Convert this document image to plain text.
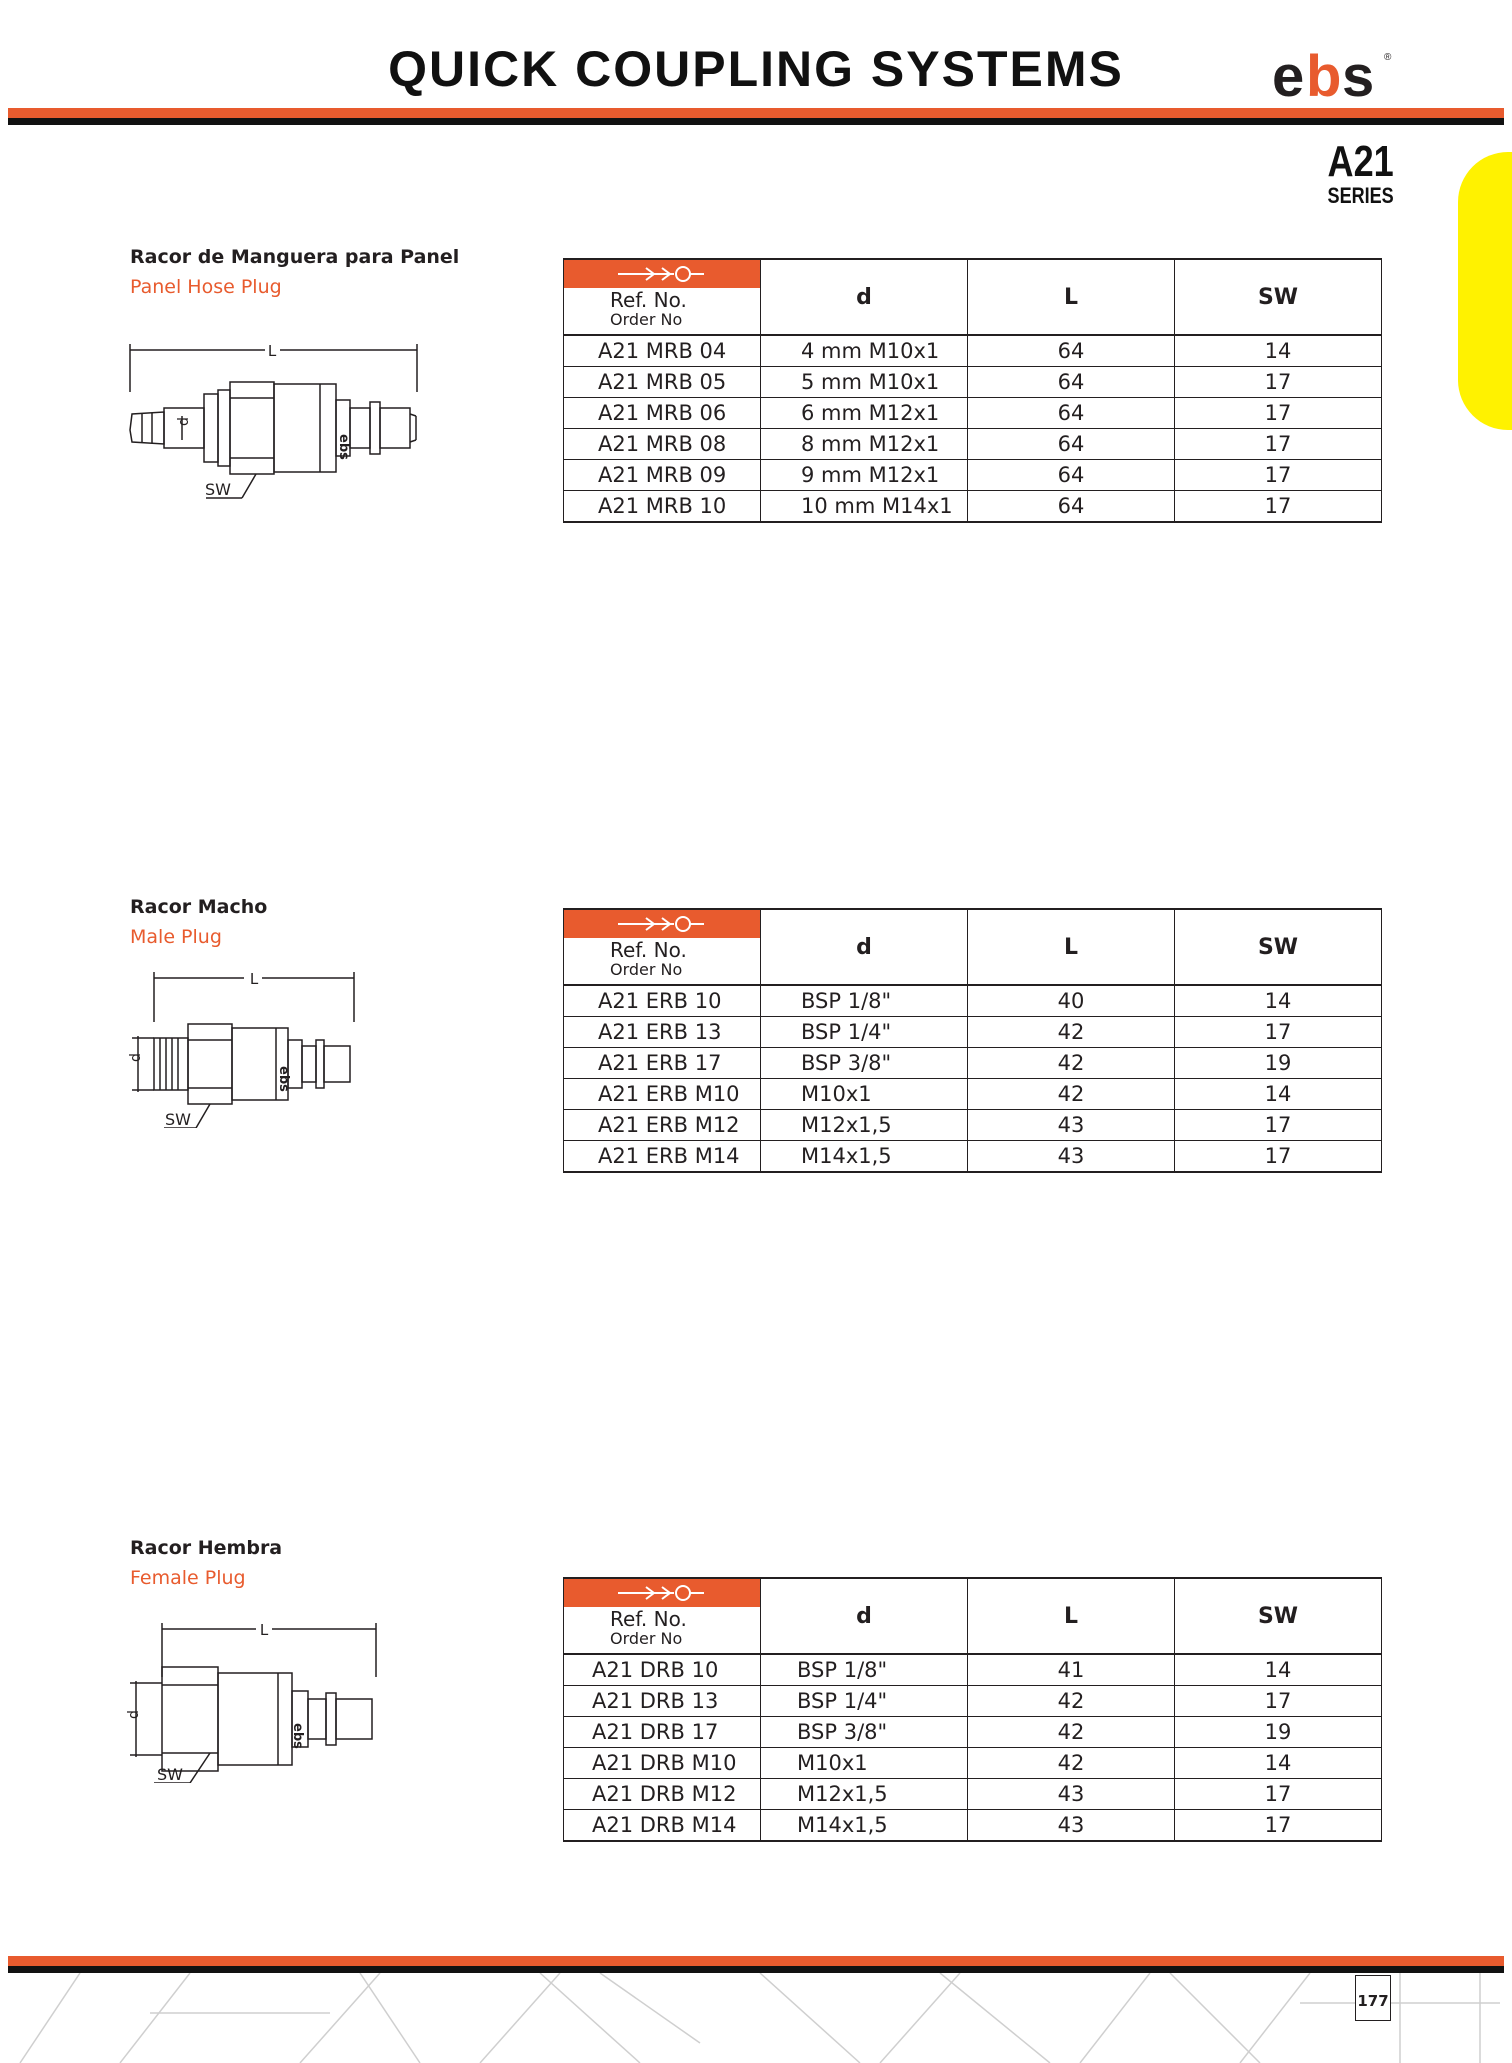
QUICK COUPLING SYSTEMS	e b s ®
A21
SERIES
Racor de Manguera para Panel
Panel Hose Plug
L
d
SW
ebs
Ref. No.
Order No	d	L	SW
A21 MRB 04	4 mm M10x1	64	14
A21 MRB 05	5 mm M10x1	64	17
A21 MRB 06	6 mm M12x1	64	17
A21 MRB 08	8 mm M12x1	64	17
A21 MRB 09	9 mm M12x1	64	17
A21 MRB 10	10 mm M14x1	64	17
Racor Macho
Male Plug
L
d
SW
ebs
Ref. No.
Order No	d	L	SW
A21 ERB 10	BSP 1/8"	40	14
A21 ERB 13	BSP 1/4"	42	17
A21 ERB 17	BSP 3/8"	42	19
A21 ERB M10	M10x1	42	14
A21 ERB M12	M12x1,5	43	17
A21 ERB M14	M14x1,5	43	17
Racor Hembra
Female Plug
L
d
SW
ebs
Ref. No.
Order No	d	L	SW
A21 DRB 10	BSP 1/8"	41	14
A21 DRB 13	BSP 1/4"	42	17
A21 DRB 17	BSP 3/8"	42	19
A21 DRB M10	M10x1	42	14
A21 DRB M12	M12x1,5	43	17
A21 DRB M14	M14x1,5	43	17
177
